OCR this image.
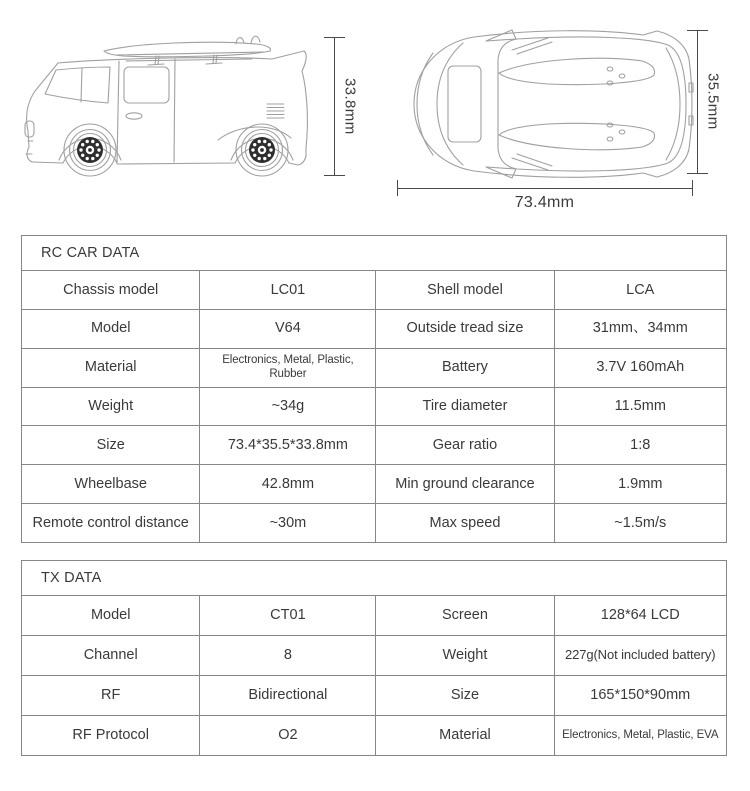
33.8mm	35.5mm
73.4mm
RC CAR DATA
Chassis model	LC01	Shell model	LCA
Model	V64	Outside tread size	31mm、34mm
Material	Electronics, Metal, Plastic, Rubber	Battery	3.7V 160mAh
Weight	~34g	Tire diameter	11.5mm
Size	73.4*35.5*33.8mm	Gear ratio	1:8
Wheelbase	42.8mm	Min ground clearance	1.9mm
Remote control distance	~30m	Max speed	~1.5m/s
TX DATA
Model	CT01	Screen	128*64 LCD
Channel	8	Weight	227g(Not included battery)
RF	Bidirectional	Size	165*150*90mm
RF Protocol	O2	Material	Electronics, Metal, Plastic, EVA
